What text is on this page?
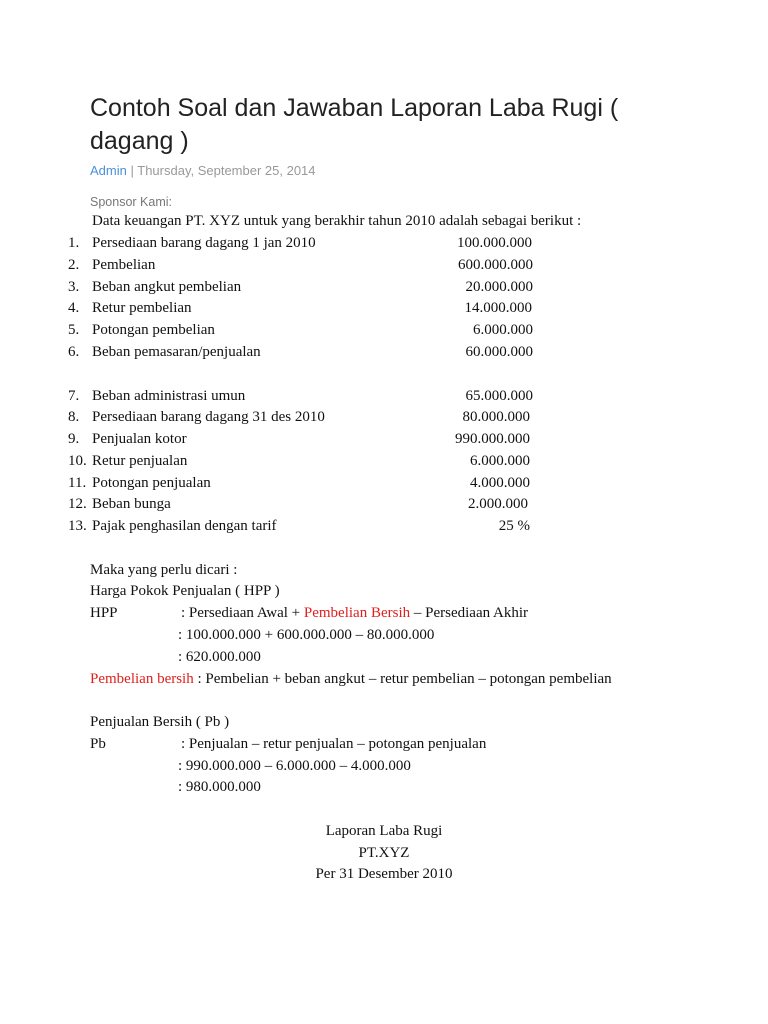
Contoh Soal dan Jawaban Laporan Laba Rugi ( dagang )
Admin | Thursday, September 25, 2014
Sponsor Kami:
Data keuangan PT. XYZ untuk yang berakhir tahun 2010 adalah sebagai berikut :
1. Persediaan barang dagang 1 jan 2010	100.000.000
2. Pembelian	600.000.000
3. Beban angkut pembelian	20.000.000
4. Retur pembelian	14.000.000
5. Potongan pembelian	6.000.000
6. Beban pemasaran/penjualan	60.000.000
7. Beban administrasi umun	65.000.000
8. Persediaan barang dagang 31 des 2010	80.000.000
9. Penjualan kotor	990.000.000
10. Retur penjualan	6.000.000
11. Potongan penjualan	4.000.000
12. Beban bunga	2.000.000
13. Pajak penghasilan dengan tarif	25 %
Maka yang perlu dicari :
Harga Pokok Penjualan ( HPP )
HPP	: Persediaan Awal + Pembelian Bersih – Persediaan Akhir
: 100.000.000 + 600.000.000 – 80.000.000
: 620.000.000
Pembelian bersih : Pembelian + beban angkut – retur pembelian – potongan pembelian
Penjualan Bersih ( Pb )
Pb	: Penjualan – retur penjualan – potongan penjualan
: 990.000.000 – 6.000.000 – 4.000.000
: 980.000.000
Laporan Laba Rugi
PT.XYZ
Per 31 Desember 2010
